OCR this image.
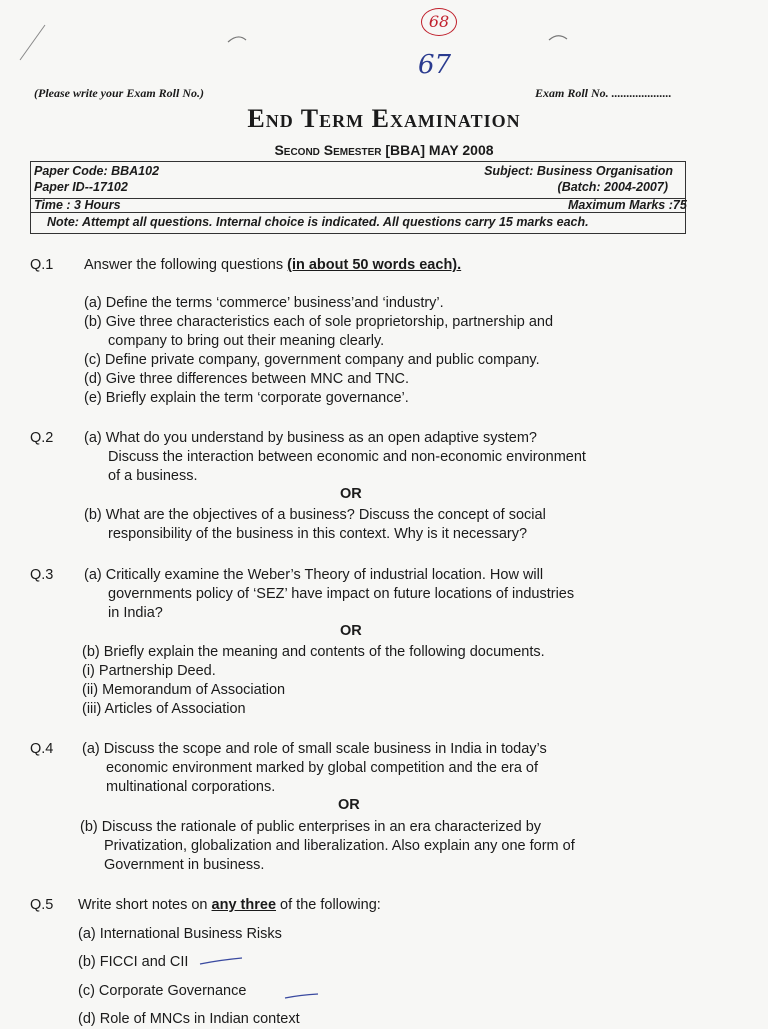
68
67
(Please write your Exam Roll No.)	Exam Roll No. ....................
End Term Examination
Second Semester [BBA] MAY 2008
Paper Code: BBA102	Subject: Business Organisation
Paper ID--17102	(Batch: 2004-2007)
Time : 3 Hours	Maximum Marks :75
Note: Attempt all questions. Internal choice is indicated. All questions carry 15 marks each.
Q.1 Answer the following questions (in about 50 words each).
(a) Define the terms ‘commerce’ business’and ‘industry’.
(b) Give three characteristics each of sole proprietorship, partnership and
company to bring out their meaning clearly.
(c) Define private company, government company and public company.
(d) Give three differences between MNC and TNC.
(e) Briefly explain the term ‘corporate governance’.
Q.2 (a) What do you understand by business as an open adaptive system?
Discuss the interaction between economic and non-economic environment
of a business.
OR
(b) What are the objectives of a business? Discuss the concept of social
responsibility of the business in this context. Why is it necessary?
Q.3 (a) Critically examine the Weber’s Theory of industrial location. How will
governments policy of ‘SEZ’ have impact on future locations of industries
in India?
OR
(b) Briefly explain the meaning and contents of the following documents.
(i) Partnership Deed.
(ii) Memorandum of Association
(iii) Articles of Association
Q.4 (a) Discuss the scope and role of small scale business in India in today’s
economic environment marked by global competition and the era of
multinational corporations.
OR
(b) Discuss the rationale of public enterprises in an era characterized by
Privatization, globalization and liberalization. Also explain any one form of
Government in business.
Q.5 Write short notes on any three of the following:
(a) International Business Risks
(b) FICCI and CII
(c) Corporate Governance
(d) Role of MNCs in Indian context
